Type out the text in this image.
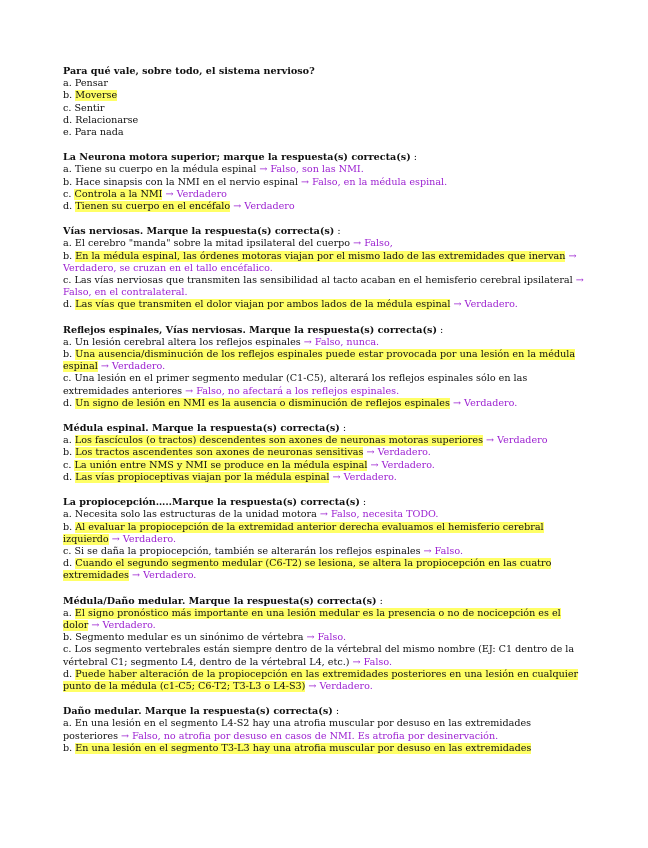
Para qué vale, sobre todo, el sistema nervioso?
a. Pensar
b. Moverse
c. Sentir
d. Relacionarse
e. Para nada
La Neurona motora superior; marque la respuesta(s) correcta(s) :
a. Tiene su cuerpo en la médula espinal → Falso, son las NMI.
b. Hace sinapsis con la NMI en el nervio espinal → Falso, en la médula espinal.
c. Controla a la NMI → Verdadero
d. Tienen su cuerpo en el encéfalo → Verdadero
Vías nerviosas. Marque la respuesta(s) correcta(s) :
a. El cerebro "manda" sobre la mitad ipsilateral del cuerpo → Falso,
b. En la médula espinal, las órdenes motoras viajan por el mismo lado de las extremidades que inervan → Verdadero, se cruzan en el tallo encéfalico.
c. Las vías nerviosas que transmiten las sensibilidad al tacto acaban en el hemisferio cerebral ipsilateral → Falso, en el contralateral.
d. Las vías que transmiten el dolor viajan por ambos lados de la médula espinal → Verdadero.
Reflejos espinales, Vías nerviosas. Marque la respuesta(s) correcta(s) :
a. Un lesión cerebral altera los reflejos espinales → Falso, nunca.
b. Una ausencia/disminución de los reflejos espinales puede estar provocada por una lesión en la médula espinal → Verdadero.
c. Una lesión en el primer segmento medular (C1-C5), alterará los reflejos espinales sólo en las extremidades anteriores → Falso, no afectará a los reflejos espinales.
d. Un signo de lesión en NMI es la ausencia o disminución de reflejos espinales → Verdadero.
Médula espinal. Marque la respuesta(s) correcta(s) :
a. Los fascículos (o tractos) descendentes son axones de neuronas motoras superiores → Verdadero
b. Los tractos ascendentes son axones de neuronas sensitivas → Verdadero.
c. La unión entre NMS y NMI se produce en la médula espinal → Verdadero.
d. Las vías propioceptivas viajan por la médula espinal → Verdadero.
La propiocepción…..Marque la respuesta(s) correcta(s) :
a. Necesita solo las estructuras de la unidad motora → Falso, necesita TODO.
b. Al evaluar la propiocepción de la extremidad anterior derecha evaluamos el hemisferio cerebral izquierdo → Verdadero.
c. Si se daña la propiocepción, también se alterarán los reflejos espinales → Falso.
d. Cuando el segundo segmento medular (C6-T2) se lesiona, se altera la propiocepción en las cuatro extremidades → Verdadero.
Médula/Daño medular. Marque la respuesta(s) correcta(s) :
a. El signo pronóstico más importante en una lesión medular es la presencia o no de nocicepción es el dolor → Verdadero.
b. Segmento medular es un sinónimo de vértebra → Falso.
c. Los segmento vertebrales están siempre dentro de la vértebral del mismo nombre (EJ: C1 dentro de la vértebral C1; segmento L4, dentro de la vértebral L4, etc.) → Falso.
d. Puede haber alteración de la propiocepción en las extremidades posteriores en una lesión en cualquier punto de la médula (c1-C5; C6-T2; T3-L3 o L4-S3) → Verdadero.
Daño medular. Marque la respuesta(s) correcta(s) :
a. En una lesión en el segmento L4-S2 hay una atrofia muscular por desuso en las extremidades posteriores → Falso, no atrofia por desuso en casos de NMI. Es atrofia por desinervación.
b. En una lesión en el segmento T3-L3 hay una atrofia muscular por desuso en las extremidades
